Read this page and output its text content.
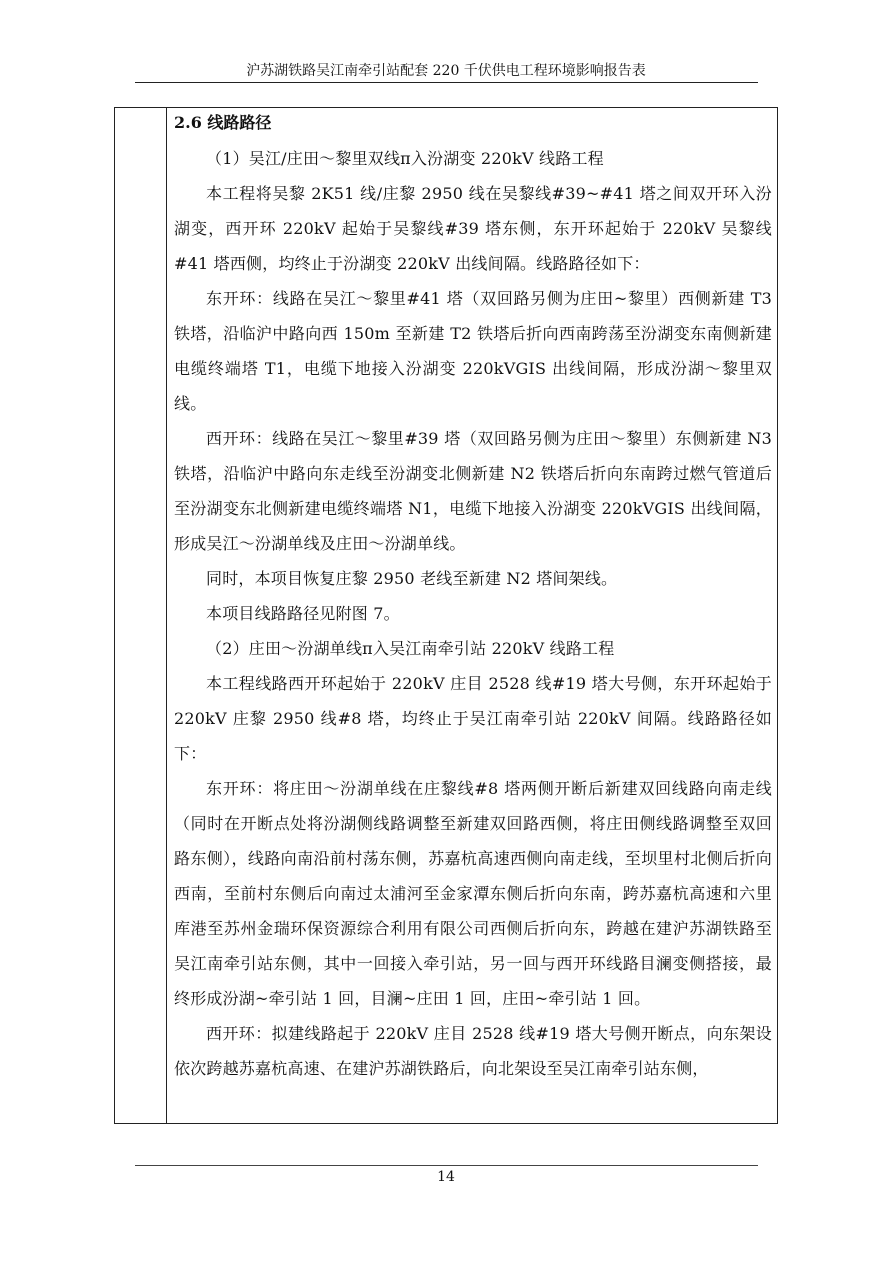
沪苏湖铁路吴江南牵引站配套 220 千伏供电工程环境影响报告表
2.6 线路路径

（1）吴江/庄田～黎里双线π入汾湖变 220kV 线路工程

本工程将吴黎 2K51 线/庄黎 2950 线在吴黎线#39~#41 塔之间双开环入汾湖变，西开环 220kV 起始于吴黎线#39 塔东侧，东开环起始于 220kV 吴黎线#41 塔西侧，均终止于汾湖变 220kV 出线间隔。线路路径如下：

东开环：线路在吴江～黎里#41 塔（双回路另侧为庄田~黎里）西侧新建 T3 铁塔，沿临沪中路向西 150m 至新建 T2 铁塔后折向西南跨荡至汾湖变东南侧新建电缆终端塔 T1，电缆下地接入汾湖变 220kVGIS 出线间隔，形成汾湖～黎里双线。

西开环：线路在吴江～黎里#39 塔（双回路另侧为庄田～黎里）东侧新建 N3 铁塔，沿临沪中路向东走线至汾湖变北侧新建 N2 铁塔后折向东南跨过燃气管道后至汾湖变东北侧新建电缆终端塔 N1，电缆下地接入汾湖变 220kVGIS 出线间隔，形成吴江～汾湖单线及庄田～汾湖单线。

同时，本项目恢复庄黎 2950 老线至新建 N2 塔间架线。

本项目线路路径见附图 7。

（2）庄田～汾湖单线π入吴江南牵引站 220kV 线路工程

本工程线路西开环起始于 220kV 庄目 2528 线#19 塔大号侧，东开环起始于 220kV 庄黎 2950 线#8 塔，均终止于吴江南牵引站 220kV 间隔。线路路径如下：

东开环：将庄田～汾湖单线在庄黎线#8 塔两侧开断后新建双回线路向南走线（同时在开断点处将汾湖侧线路调整至新建双回路西侧，将庄田侧线路调整至双回路东侧），线路向南沿前村荡东侧，苏嘉杭高速西侧向南走线，至坝里村北侧后折向西南，至前村东侧后向南过太浦河至金家潭东侧后折向东南，跨苏嘉杭高速和六里库港至苏州金瑞环保资源综合利用有限公司西侧后折向东，跨越在建沪苏湖铁路至吴江南牵引站东侧，其中一回接入牵引站，另一回与西开环线路目澜变侧搭接，最终形成汾湖~牵引站 1 回，目澜~庄田 1 回，庄田~牵引站 1 回。

西开环：拟建线路起于 220kV 庄目 2528 线#19 塔大号侧开断点，向东架设依次跨越苏嘉杭高速、在建沪苏湖铁路后，向北架设至吴江南牵引站东侧，

14
